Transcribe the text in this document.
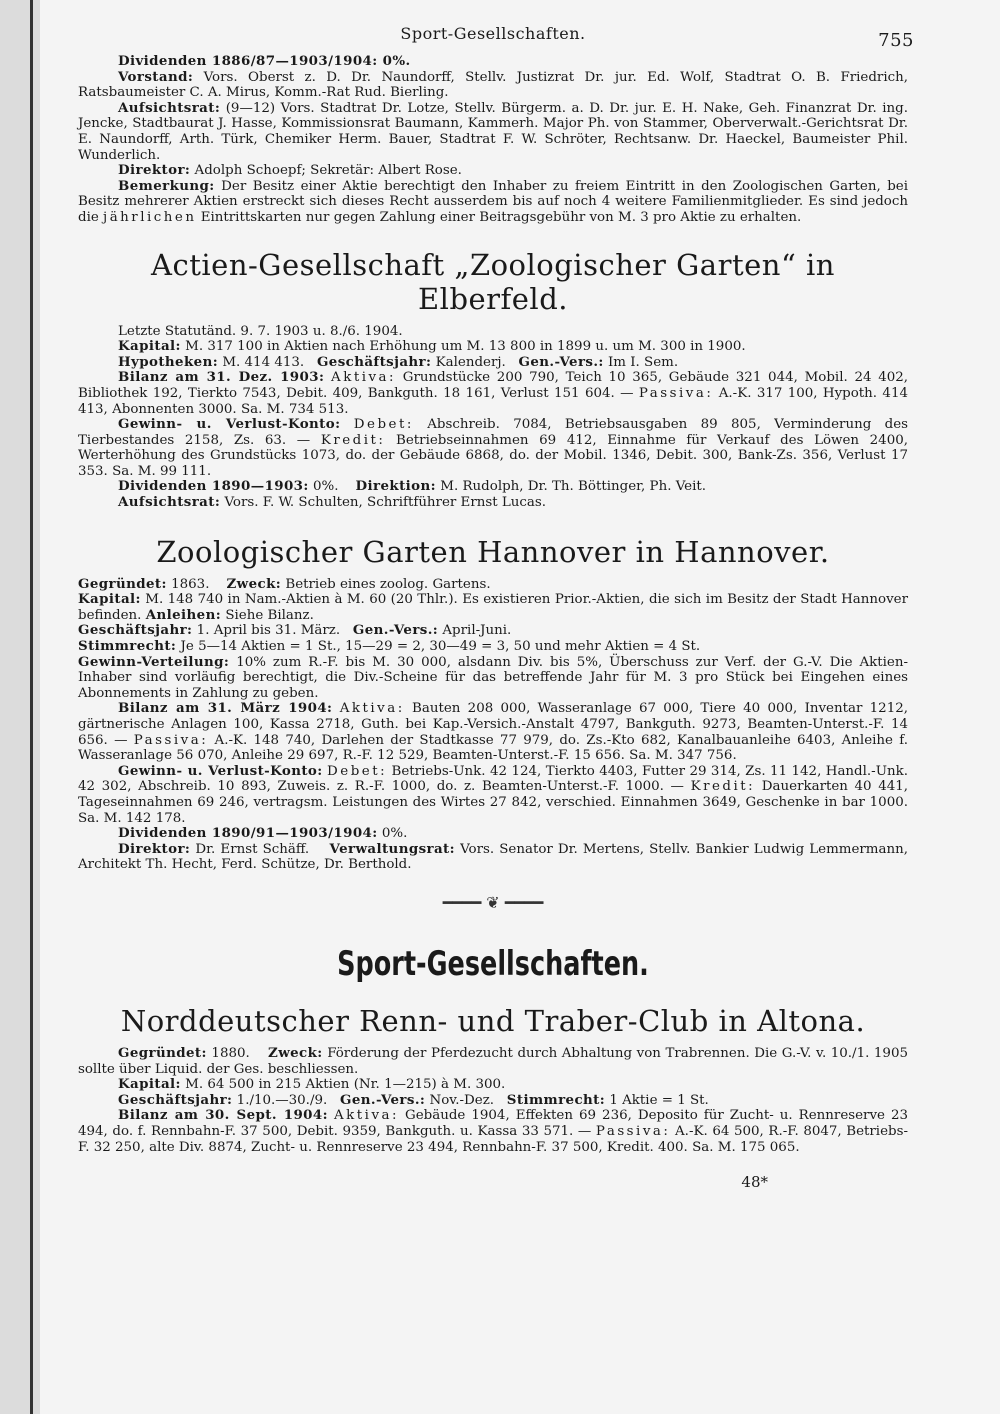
Sport-Gesellschaften.	755

Dividenden 1886/87—1903/1904: 0%.

Vorstand: Vors. Oberst z. D. Dr. Naundorff, Stellv. Justizrat Dr. jur. Ed. Wolf, Stadtrat O. B. Friedrich, Ratsbaumeister C. A. Mirus, Komm.-Rat Rud. Bierling.

Aufsichtsrat: (9—12) Vors. Stadtrat Dr. Lotze, Stellv. Bürgerm. a. D. Dr. jur. E. H. Nake, Geh. Finanzrat Dr. ing. Jencke, Stadtbaurat J. Hasse, Kommissionsrat Baumann, Kammerh. Major Ph. von Stammer, Oberverwalt.-Gerichtsrat Dr. E. Naundorff, Arth. Türk, Chemiker Herm. Bauer, Stadtrat F. W. Schröter, Rechtsanw. Dr. Haeckel, Baumeister Phil. Wunderlich.

Direktor: Adolph Schoepf; Sekretär: Albert Rose.

Bemerkung: Der Besitz einer Aktie berechtigt den Inhaber zu freiem Eintritt in den Zoologischen Garten, bei Besitz mehrerer Aktien erstreckt sich dieses Recht ausserdem bis auf noch 4 weitere Familienmitglieder. Es sind jedoch die jährlichen Eintrittskarten nur gegen Zahlung einer Beitragsgebühr von M. 3 pro Aktie zu erhalten.

Actien-Gesellschaft „Zoologischer Garten“ in Elberfeld.

Letzte Statutänd. 9. 7. 1903 u. 8./6. 1904.

Kapital: M. 317 100 in Aktien nach Erhöhung um M. 13 800 in 1899 u. um M. 300 in 1900.

Hypotheken: M. 414 413. Geschäftsjahr: Kalenderj. Gen.-Vers.: Im I. Sem.

Bilanz am 31. Dez. 1903: Aktiva: Grundstücke 200 790, Teich 10 365, Gebäude 321 044, Mobil. 24 402, Bibliothek 192, Tierkto 7543, Debit. 409, Bankguth. 18 161, Verlust 151 604. — Passiva: A.-K. 317 100, Hypoth. 414 413, Abonnenten 3000. Sa. M. 734 513.

Gewinn- u. Verlust-Konto: Debet: Abschreib. 7084, Betriebsausgaben 89 805, Verminderung des Tierbestandes 2158, Zs. 63. — Kredit: Betriebseinnahmen 69 412, Einnahme für Verkauf des Löwen 2400, Werterhöhung des Grundstücks 1073, do. der Gebäude 6868, do. der Mobil. 1346, Debit. 300, Bank-Zs. 356, Verlust 17 353. Sa. M. 99 111.

Dividenden 1890—1903: 0%. Direktion: M. Rudolph, Dr. Th. Böttinger, Ph. Veit.

Aufsichtsrat: Vors. F. W. Schulten, Schriftführer Ernst Lucas.

Zoologischer Garten Hannover in Hannover.

Gegründet: 1863. Zweck: Betrieb eines zoolog. Gartens.

Kapital: M. 148 740 in Nam.-Aktien à M. 60 (20 Thlr.). Es existieren Prior.-Aktien, die sich im Besitz der Stadt Hannover befinden. Anleihen: Siehe Bilanz.

Geschäftsjahr: 1. April bis 31. März. Gen.-Vers.: April-Juni.

Stimmrecht: Je 5—14 Aktien = 1 St., 15—29 = 2, 30—49 = 3, 50 und mehr Aktien = 4 St.

Gewinn-Verteilung: 10% zum R.-F. bis M. 30 000, alsdann Div. bis 5%, Überschuss zur Verf. der G.-V. Die Aktien-Inhaber sind vorläufig berechtigt, die Div.-Scheine für das betreffende Jahr für M. 3 pro Stück bei Eingehen eines Abonnements in Zahlung zu geben.

Bilanz am 31. März 1904: Aktiva: Bauten 208 000, Wasseranlage 67 000, Tiere 40 000, Inventar 1212, gärtnerische Anlagen 100, Kassa 2718, Guth. bei Kap.-Versich.-Anstalt 4797, Bankguth. 9273, Beamten-Unterst.-F. 14 656. — Passiva: A.-K. 148 740, Darlehen der Stadtkasse 77 979, do. Zs.-Kto 682, Kanalbauanleihe 6403, Anleihe f. Wasseranlage 56 070, Anleihe 29 697, R.-F. 12 529, Beamten-Unterst.-F. 15 656. Sa. M. 347 756.

Gewinn- u. Verlust-Konto: Debet: Betriebs-Unk. 42 124, Tierkto 4403, Futter 29 314, Zs. 11 142, Handl.-Unk. 42 302, Abschreib. 10 893, Zuweis. z. R.-F. 1000, do. z. Beamten-Unterst.-F. 1000. — Kredit: Dauerkarten 40 441, Tageseinnahmen 69 246, vertragsm. Leistungen des Wirtes 27 842, verschied. Einnahmen 3649, Geschenke in bar 1000. Sa. M. 142 178.

Dividenden 1890/91—1903/1904: 0%.

Direktor: Dr. Ernst Schäff. Verwaltungsrat: Vors. Senator Dr. Mertens, Stellv. Bankier Ludwig Lemmermann, Architekt Th. Hecht, Ferd. Schütze, Dr. Berthold.

━━━━ ❦ ━━━━
Sport-Gesellschaften.
Norddeutscher Renn- und Traber-Club in Altona.

Gegründet: 1880. Zweck: Förderung der Pferdezucht durch Abhaltung von Trabrennen. Die G.-V. v. 10./1. 1905 sollte über Liquid. der Ges. beschliessen.

Kapital: M. 64 500 in 215 Aktien (Nr. 1—215) à M. 300.

Geschäftsjahr: 1./10.—30./9. Gen.-Vers.: Nov.-Dez. Stimmrecht: 1 Aktie = 1 St.

Bilanz am 30. Sept. 1904: Aktiva: Gebäude 1904, Effekten 69 236, Deposito für Zucht- u. Rennreserve 23 494, do. f. Rennbahn-F. 37 500, Debit. 9359, Bankguth. u. Kassa 33 571. — Passiva: A.-K. 64 500, R.-F. 8047, Betriebs-F. 32 250, alte Div. 8874, Zucht- u. Rennreserve 23 494, Rennbahn-F. 37 500, Kredit. 400. Sa. M. 175 065.

48*
